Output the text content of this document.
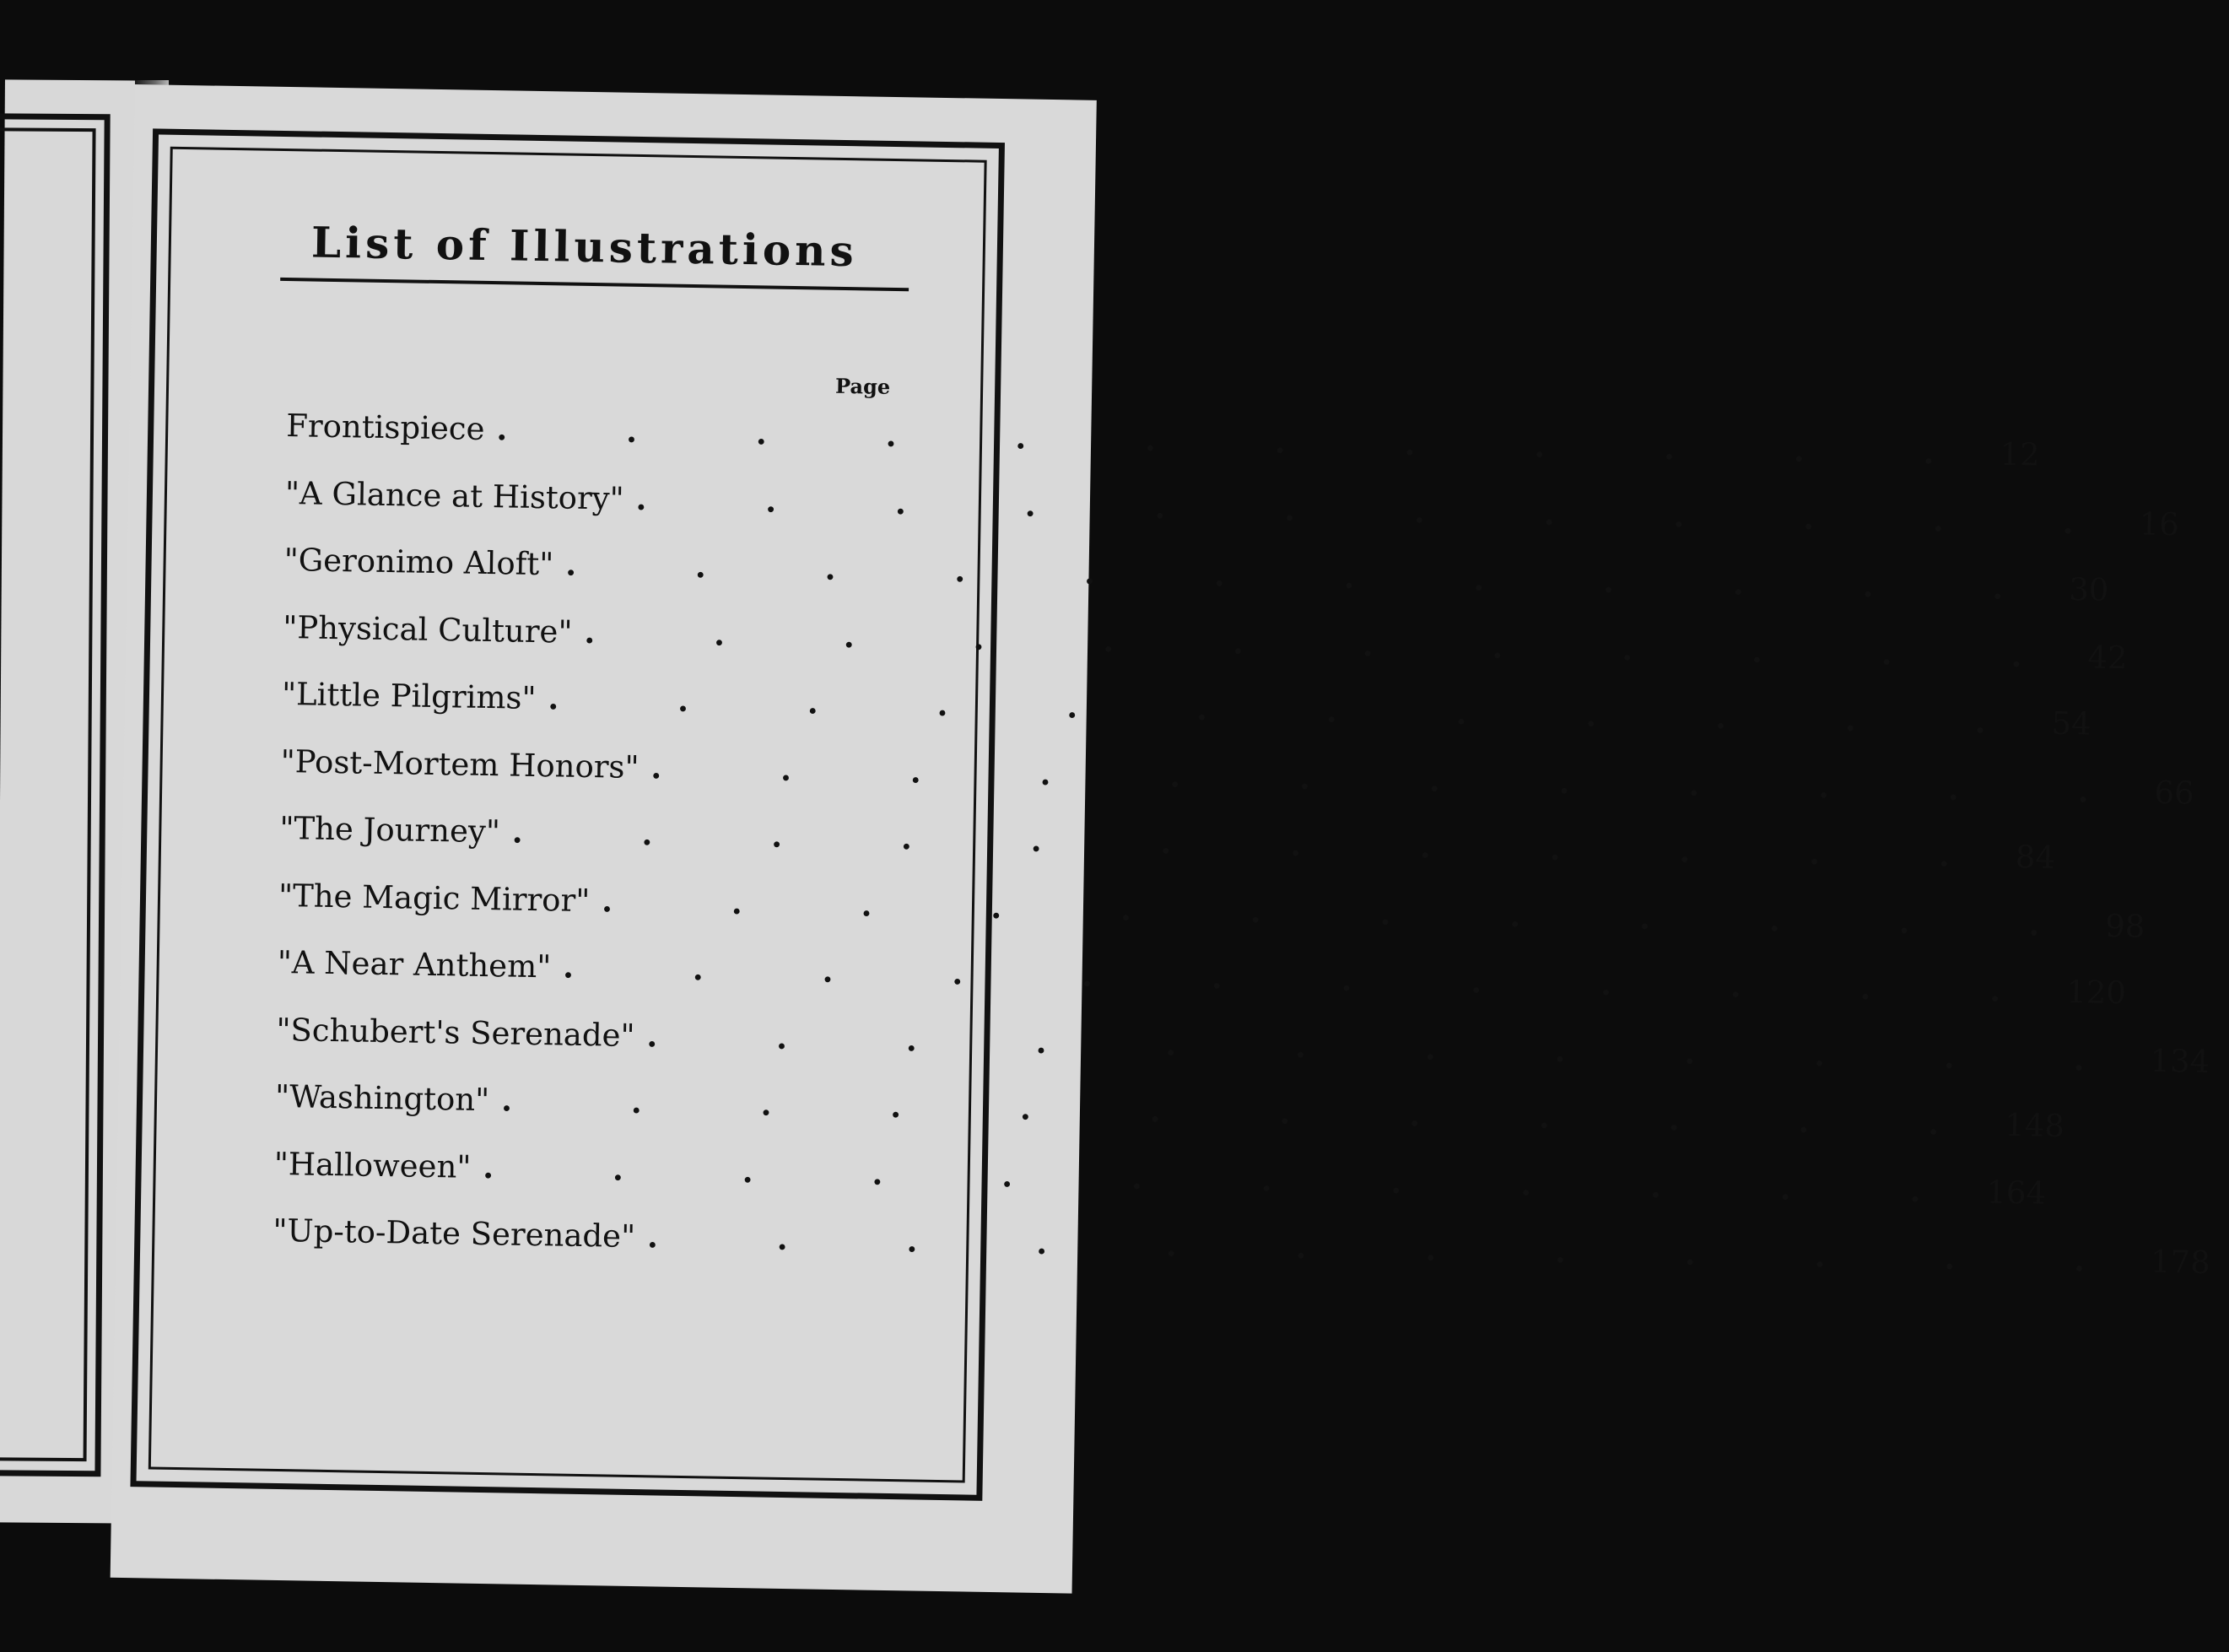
List of Illustrations
Page
Frontispiece . . . . . . . . . . . . 12
"A Glance at History" . . . . . . . . . . . . 16
"Geronimo Aloft" . . . . . . . . . . . . 30
"Physical Culture" . . . . . . . . . . . . 42
"Little Pilgrims" . . . . . . . . . . . . 54
"Post-Mortem Honors" . . . . . . . . . . . . 66
"The Journey" . . . . . . . . . . . . 84
"The Magic Mirror" . . . . . . . . . . . . 98
"A Near Anthem" . . . . . . . . . . . . 120
"Schubert's Serenade" . . . . . . . . . . . . 134
"Washington" . . . . . . . . . . . . 148
"Halloween" . . . . . . . . . . . . 164
"Up-to-Date Serenade" . . . . . . . . . . . . 178
